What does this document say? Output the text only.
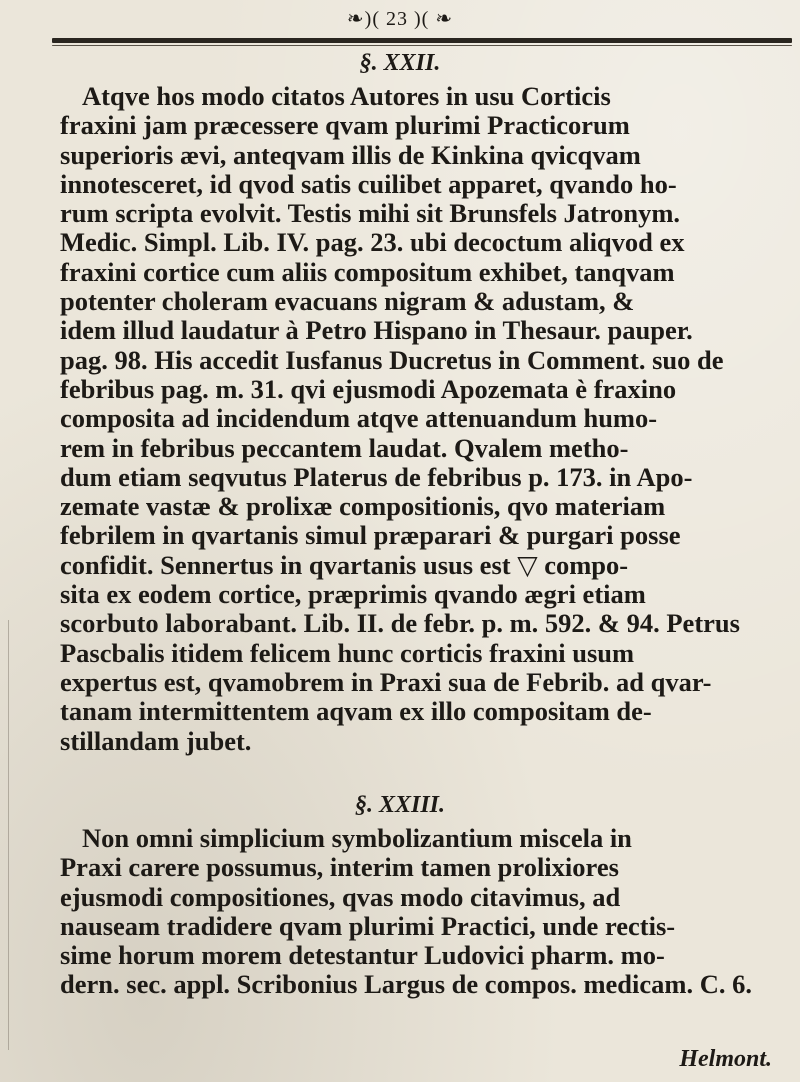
❧)( 23 )( ❧
§. XXII.
Atqve hos modo citatos Autores in usu Corticis
fraxini jam præcessere qvam plurimi Practicorum
superioris ævi, anteqvam illis de Kinkina qvicqvam
innotesceret, id qvod satis cuilibet apparet, qvando ho-
rum scripta evolvit. Testis mihi sit Brunsfels Jatronym.
Medic. Simpl. Lib. IV. pag. 23. ubi decoctum aliqvod ex
fraxini cortice cum aliis compositum exhibet, tanqvam
potenter choleram evacuans nigram & adustam, &
idem illud laudatur à Petro Hispano in Thesaur. pauper.
pag. 98. His accedit Iusfanus Ducretus in Comment. suo de
febribus pag. m. 31. qvi ejusmodi Apozemata è fraxino
composita ad incidendum atqve attenuandum humo-
rem in febribus peccantem laudat. Qvalem metho-
dum etiam seqvutus Platerus de febribus p. 173. in Apo-
zemate vastæ & prolixæ compositionis, qvo materiam
febrilem in qvartanis simul præparari & purgari posse
confidit. Sennertus in qvartanis usus est ▽ compo-
sita ex eodem cortice, præprimis qvando ægri etiam
scorbuto laborabant. Lib. II. de febr. p. m. 592. & 94. Petrus
Pascbalis itidem felicem hunc corticis fraxini usum
expertus est, qvamobrem in Praxi sua de Febrib. ad qvar-
tanam intermittentem aqvam ex illo compositam de-
stillandam jubet.
§. XXIII.
Non omni simplicium symbolizantium miscela in
Praxi carere possumus, interim tamen prolixiores
ejusmodi compositiones, qvas modo citavimus, ad
nauseam tradidere qvam plurimi Practici, unde rectis-
sime horum morem detestantur Ludovici pharm. mo-
dern. sec. appl. Scribonius Largus de compos. medicam. C. 6.
Helmont.
